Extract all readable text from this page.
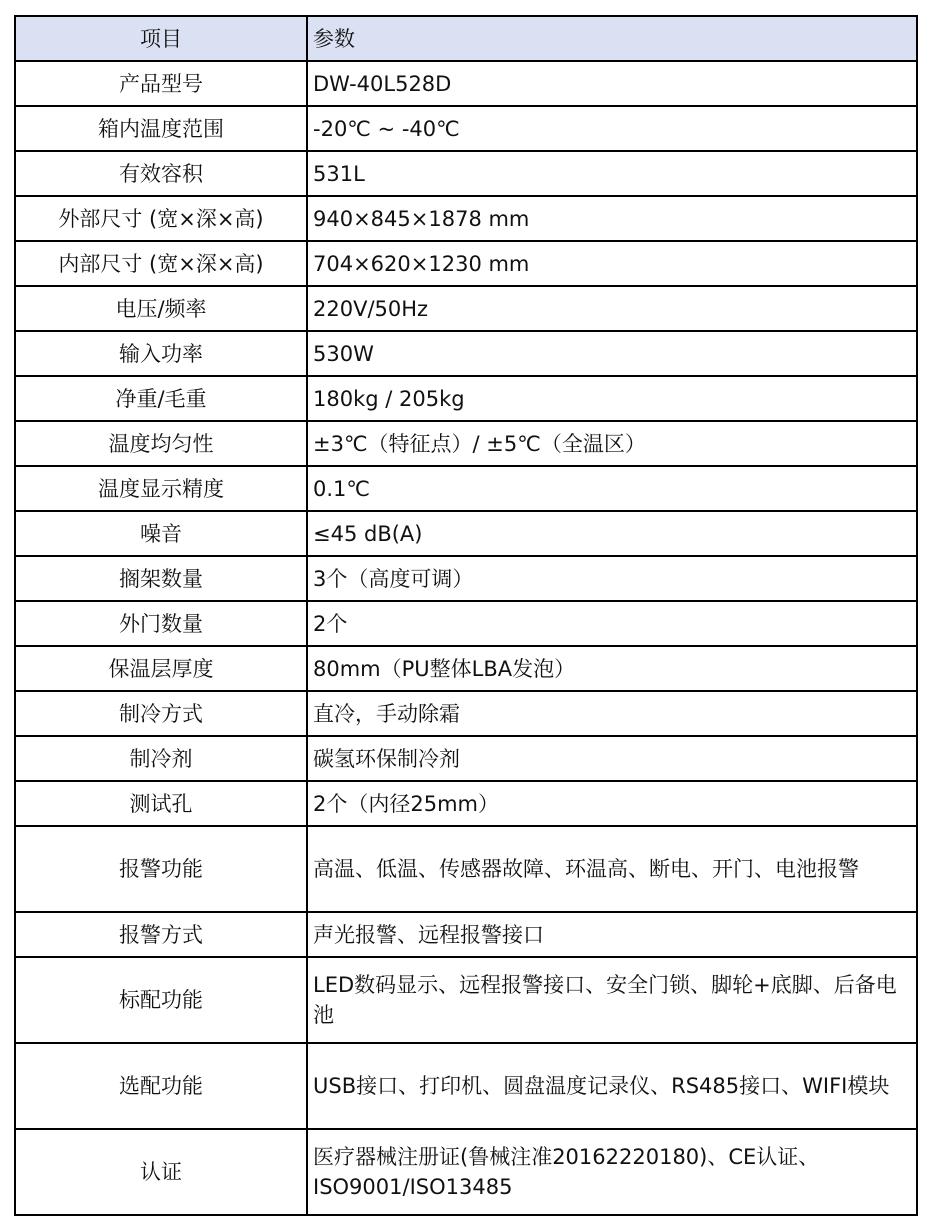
项目	参数
产品型号	DW-40L528D
箱内温度范围	-20℃ ~ -40℃
有效容积	531L
外部尺寸 (宽×深×高)	940×845×1878 mm
内部尺寸 (宽×深×高)	704×620×1230 mm
电压/频率	220V/50Hz
输入功率	530W
净重/毛重	180kg / 205kg
温度均匀性	±3℃（特征点）/ ±5℃（全温区）
温度显示精度	0.1℃
噪音	≤45 dB(A)
搁架数量	3个（高度可调）
外门数量	2个
保温层厚度	80mm（PU整体LBA发泡）
制冷方式	直冷，手动除霜
制冷剂	碳氢环保制冷剂
测试孔	2个（内径25mm）
报警功能	高温、低温、传感器故障、环温高、断电、开门、电池报警
报警方式	声光报警、远程报警接口
标配功能	LED数码显示、远程报警接口、安全门锁、脚轮+底脚、后备电池
选配功能	USB接口、打印机、圆盘温度记录仪、RS485接口、WIFI模块
认证	医疗器械注册证(鲁械注准20162220180)、CE认证、ISO9001/ISO13485
